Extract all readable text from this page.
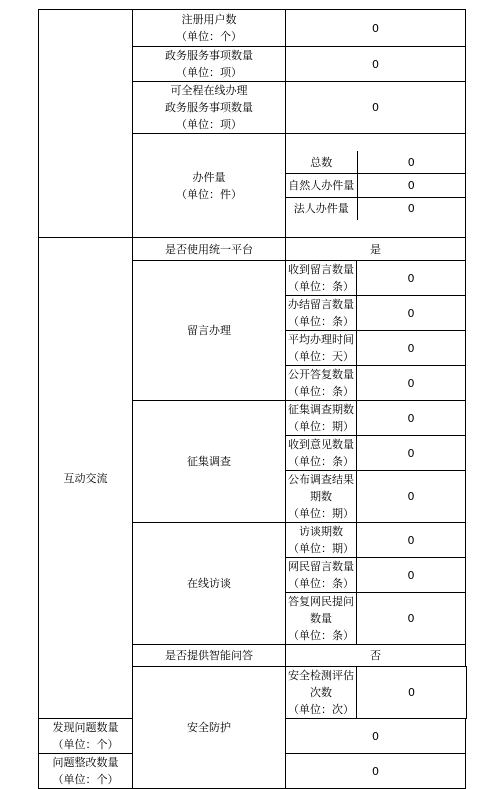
	注册用户数
（单位：个）	0
政务服务事项数量
（单位：项）	0
可全程在线办理
政务服务事项数量
（单位：项）	0
办件量
（单位：件）	

总数	0
自然人办件量	0
法人办件量	0

互动交流	是否使用统一平台	是
留言办理	收到留言数量
（单位：条）	0
办结留言数量
（单位：条）	0
平均办理时间
（单位：天）	0
公开答复数量
（单位：条）	0
征集调查	征集调查期数
（单位：期）	0
收到意见数量
（单位：条）	0
公布调查结果期数
（单位：期）	0
在线访谈	访谈期数
（单位：期）	0
网民留言数量
（单位：条）	0
答复网民提问数量
（单位：条）	0
是否提供智能问答	否
安全防护	安全检测评估次数
（单位：次）	0
发现问题数量
（单位：个）	0
问题整改数量
（单位：个）	0
